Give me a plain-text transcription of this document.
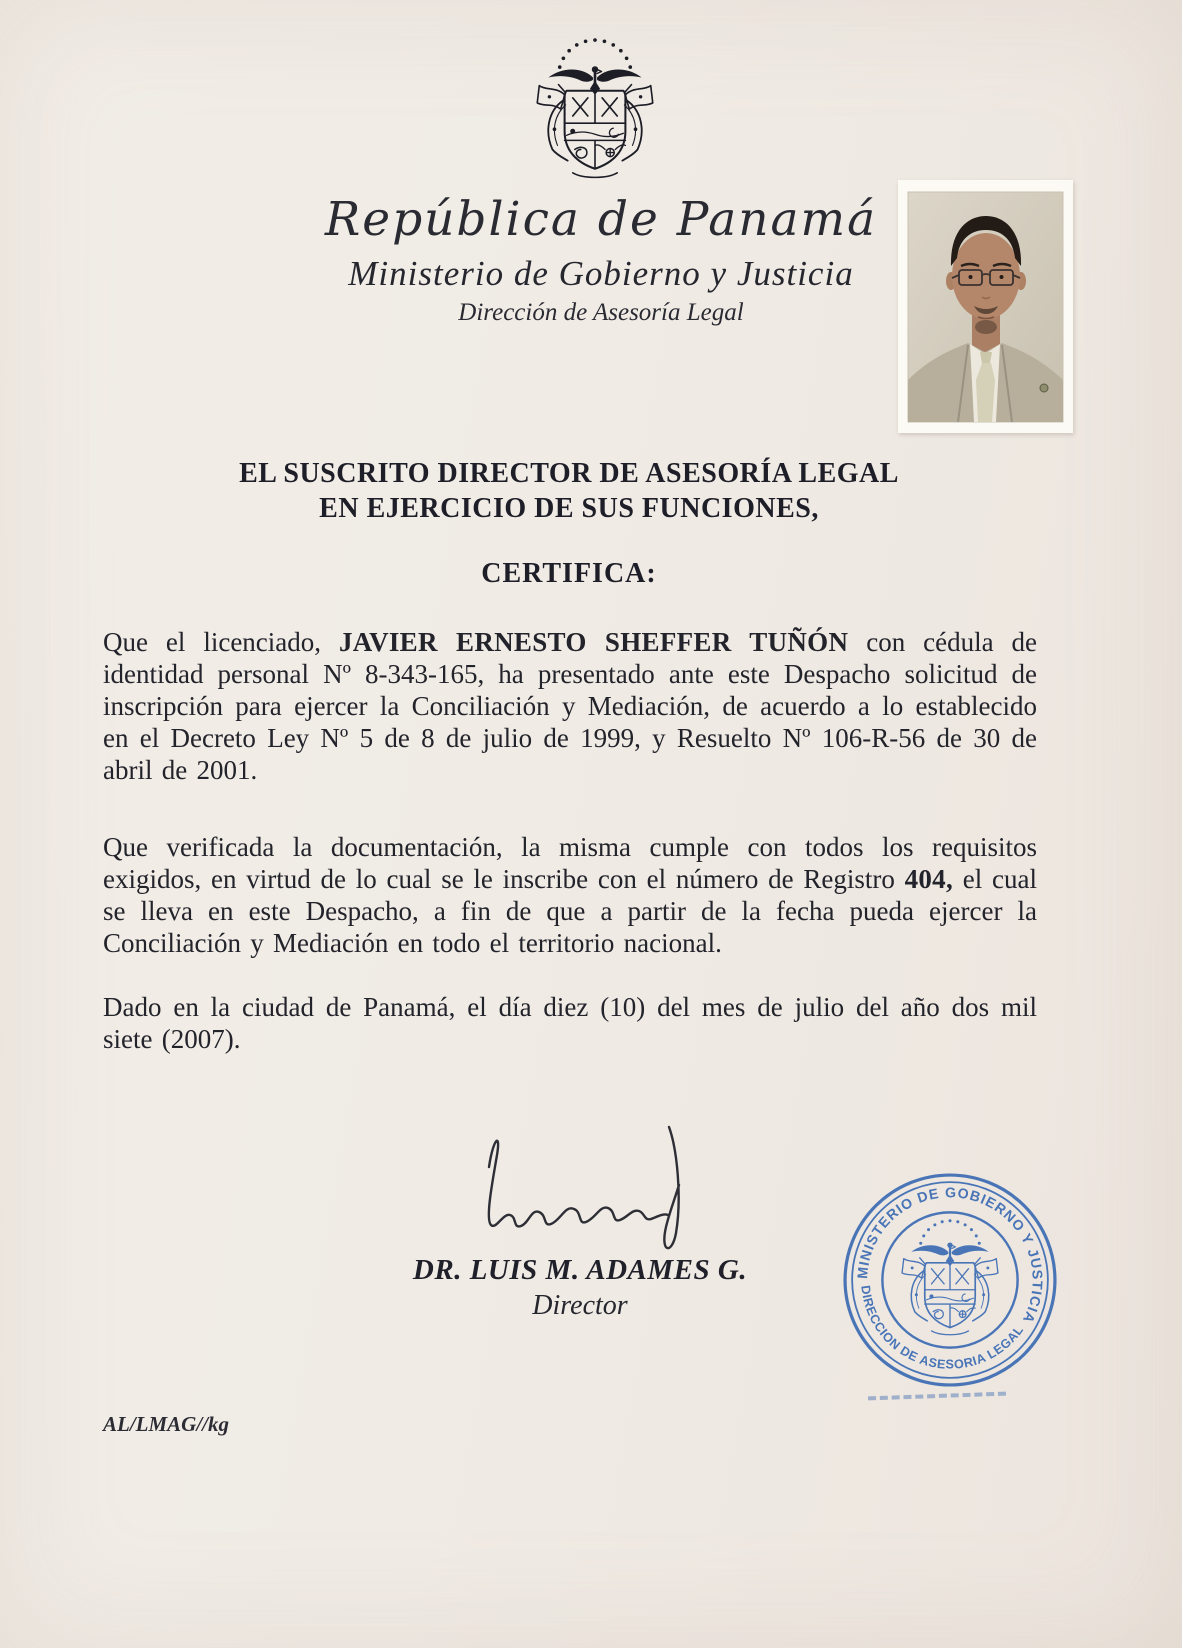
República de Panamá
Ministerio de Gobierno y Justicia
Dirección de Asesoría Legal
EL SUSCRITO DIRECTOR DE ASESORÍA LEGAL
EN EJERCICIO DE SUS FUNCIONES,
CERTIFICA:

Que el licenciado, JAVIER ERNESTO SHEFFER TUÑÓN con cédula de identidad personal Nº 8-343-165, ha presentado ante este Despacho solicitud de inscripción para ejercer la Conciliación y Mediación, de acuerdo a lo establecido en el Decreto Ley Nº 5 de 8 de julio de 1999, y Resuelto Nº 106-R-56 de 30 de abril de 2001.

Que verificada la documentación, la misma cumple con todos los requisitos exigidos, en virtud de lo cual se le inscribe con el número de Registro 404, el cual se lleva en este Despacho, a fin de que a partir de la fecha pueda ejercer la Conciliación y Mediación en todo el territorio nacional.

Dado en la ciudad de Panamá, el día diez (10) del mes de julio del año dos mil siete (2007).

DR. LUIS M. ADAMES G.
Director
MINISTERIO DE GOBIERNO Y JUSTICIA
DIRECCION DE ASESORIA LEGAL
AL/LMAG//kg
